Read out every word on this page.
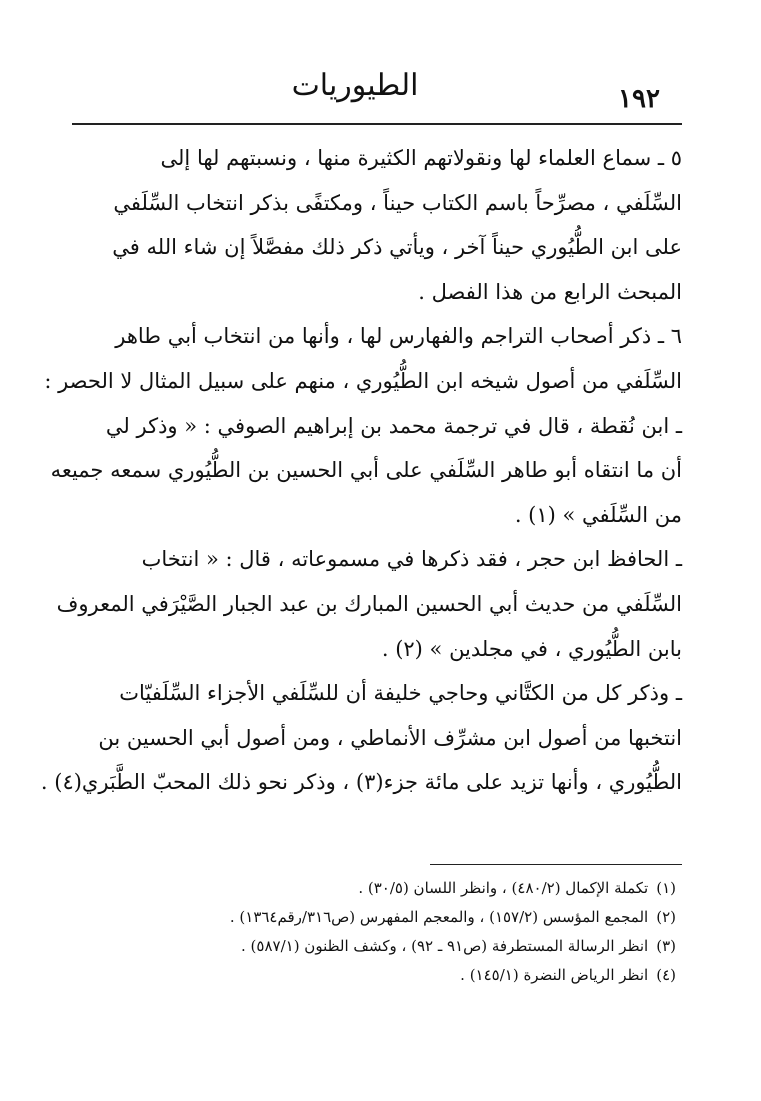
الطيوريات	١٩٢
٥ ـ سماع العلماء لها ونقولاتهم الكثيرة منها ، ونسبتهم لها إلى
السِّلَفي ، مصرِّحاً باسم الكتاب حيناً ، ومكتفًى بذكر انتخاب السِّلَفي
على ابن الطُّيُوري حيناً آخر ، ويأتي ذكر ذلك مفصَّلاً إن شاء الله في
المبحث الرابع من هذا الفصل .
٦ ـ ذكر أصحاب التراجم والفهارس لها ، وأنها من انتخاب أبي طاهر
السِّلَفي من أصول شيخه ابن الطُّيُوري ، منهم على سبيل المثال لا الحصر :
ـ ابن نُقطة ، قال في ترجمة محمد بن إبراهيم الصوفي : « وذكر لي
أن ما انتقاه أبو طاهر السِّلَفي على أبي الحسين بن الطُّيُوري سمعه جميعه
من السِّلَفي » (١) .
ـ الحافظ ابن حجر ، فقد ذكرها في مسموعاته ، قال : « انتخاب
السِّلَفي من حديث أبي الحسين المبارك بن عبد الجبار الصَّيْرَفي المعروف
بابن الطُّيُوري ، في مجلدين » (٢) .
ـ وذكر كل من الكتَّاني وحاجي خليفة أن للسِّلَفي الأجزاء السِّلَفيّات
انتخبها من أصول ابن مشرِّف الأنماطي ، ومن أصول أبي الحسين بن
الطُّيُوري ، وأنها تزيد على مائة جزء(٣) ، وذكر نحو ذلك المحبّ الطَّبَري(٤) .
(١)تكملة الإكمال (٤٨٠/٢) ، وانظر اللسان (٣٠/٥) .
(٢)المجمع المؤسس (١٥٧/٢) ، والمعجم المفهرس (ص٣١٦/رقم١٣٦٤) .
(٣)انظر الرسالة المستطرفة (ص٩١ ـ ٩٢) ، وكشف الظنون (٥٨٧/١) .
(٤)انظر الرياض النضرة (١٤٥/١) .
